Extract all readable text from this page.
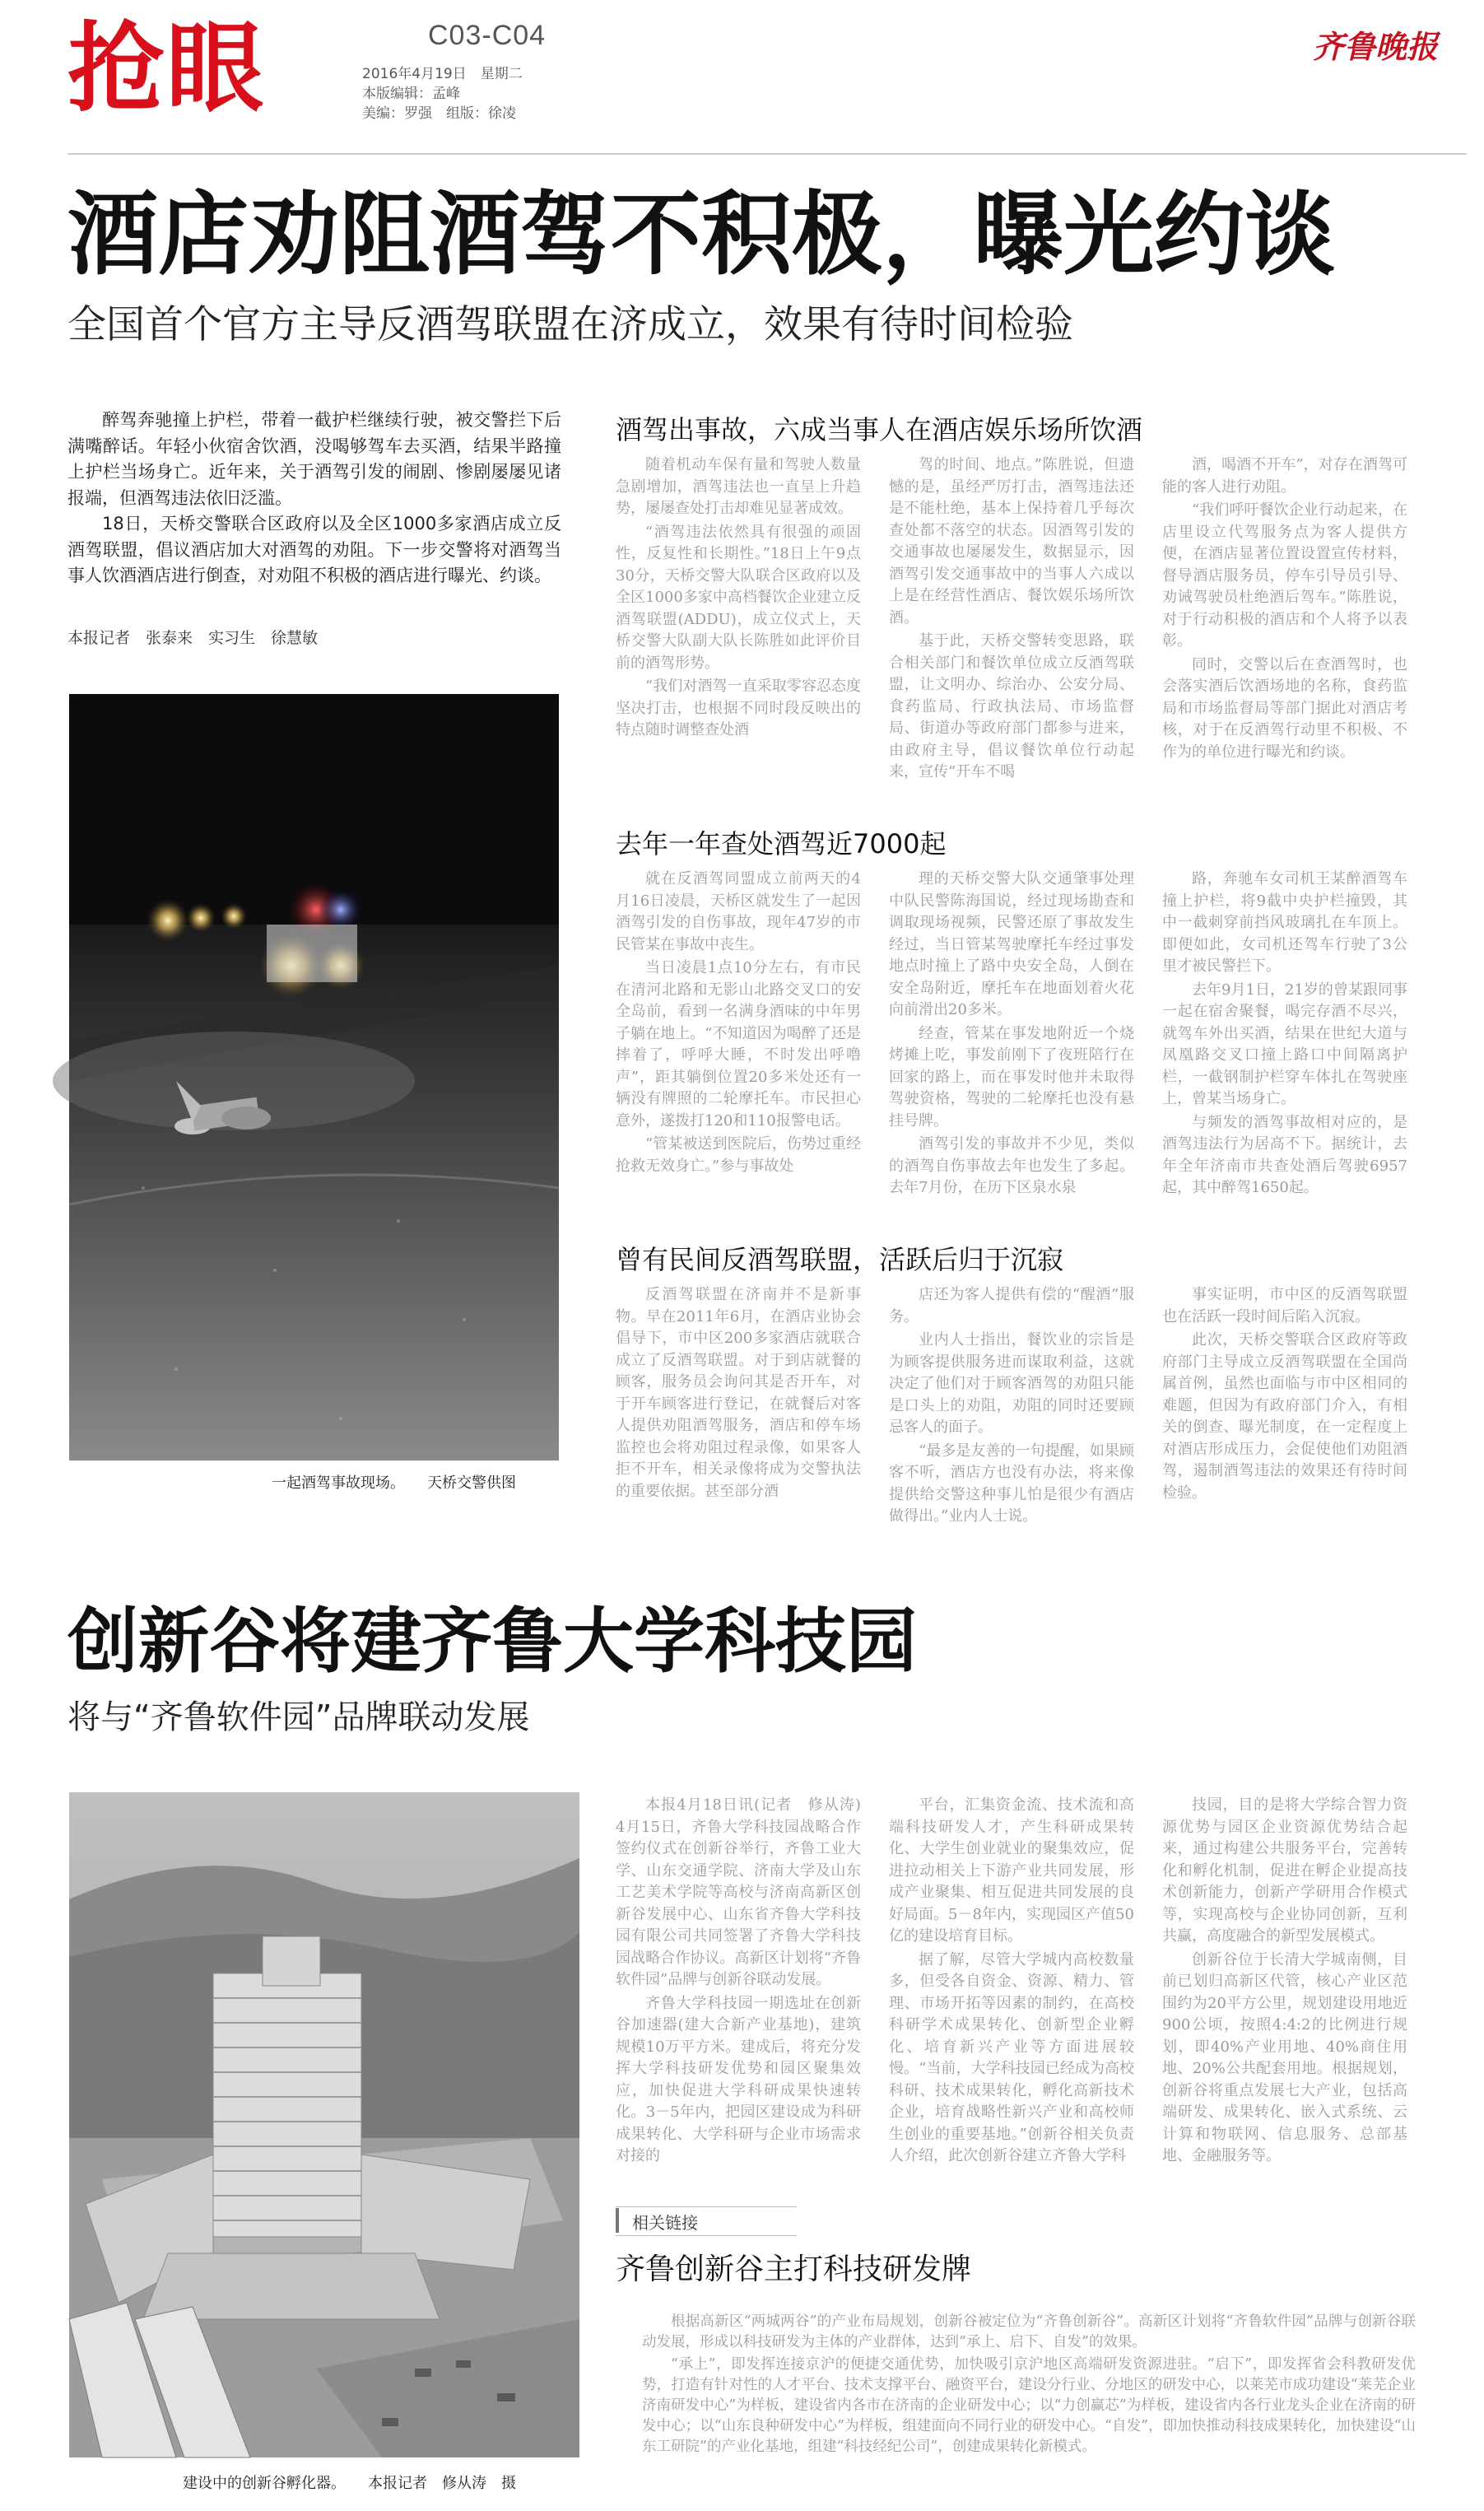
抢眼	C03-C04
2016年4月19日　星期二
本版编辑：孟峰
美编：罗强　组版：徐凌
齐鲁晚报
酒店劝阻酒驾不积极，曝光约谈
全国首个官方主导反酒驾联盟在济成立，效果有待时间检验

醉驾奔驰撞上护栏，带着一截护栏继续行驶，被交警拦下后满嘴醉话。年轻小伙宿舍饮酒，没喝够驾车去买酒，结果半路撞上护栏当场身亡。近年来，关于酒驾引发的闹剧、惨剧屡屡见诸报端，但酒驾违法依旧泛滥。

18日，天桥交警联合区政府以及全区1000多家酒店成立反酒驾联盟，倡议酒店加大对酒驾的劝阻。下一步交警将对酒驾当事人饮酒酒店进行倒查，对劝阻不积极的酒店进行曝光、约谈。

本报记者　张泰来　实习生　徐慧敏
一起酒驾事故现场。　　天桥交警供图
酒驾出事故，六成当事人在酒店娱乐场所饮酒

随着机动车保有量和驾驶人数量急剧增加，酒驾违法也一直呈上升趋势，屡屡查处打击却难见显著成效。

“酒驾违法依然具有很强的顽固性，反复性和长期性。”18日上午9点30分，天桥交警大队联合区政府以及全区1000多家中高档餐饮企业建立反酒驾联盟(ADDU)，成立仪式上，天桥交警大队副大队长陈胜如此评价目前的酒驾形势。

“我们对酒驾一直采取零容忍态度坚决打击，也根据不同时段反映出的特点随时调整查处酒

驾的时间、地点。”陈胜说，但遗憾的是，虽经严厉打击，酒驾违法还是不能杜绝，基本上保持着几乎每次查处都不落空的状态。因酒驾引发的交通事故也屡屡发生，数据显示，因酒驾引发交通事故中的当事人六成以上是在经营性酒店、餐饮娱乐场所饮酒。

基于此，天桥交警转变思路，联合相关部门和餐饮单位成立反酒驾联盟，让文明办、综治办、公安分局、食药监局、行政执法局、市场监督局、街道办等政府部门都参与进来，由政府主导，倡议餐饮单位行动起来，宣传“开车不喝

酒，喝酒不开车”，对存在酒驾可能的客人进行劝阻。

“我们呼吁餐饮企业行动起来，在店里设立代驾服务点为客人提供方便，在酒店显著位置设置宣传材料，督导酒店服务员，停车引导员引导、劝诫驾驶员杜绝酒后驾车。”陈胜说，对于行动积极的酒店和个人将予以表彰。

同时，交警以后在查酒驾时，也会落实酒后饮酒场地的名称，食药监局和市场监督局等部门据此对酒店考核，对于在反酒驾行动里不积极、不作为的单位进行曝光和约谈。

去年一年查处酒驾近7000起

就在反酒驾同盟成立前两天的4月16日凌晨，天桥区就发生了一起因酒驾引发的自伤事故，现年47岁的市民管某在事故中丧生。

当日凌晨1点10分左右，有市民在清河北路和无影山北路交叉口的安全岛前，看到一名满身酒味的中年男子躺在地上。“不知道因为喝醉了还是摔着了，呼呼大睡，不时发出呼噜声”，距其躺倒位置20多米处还有一辆没有牌照的二轮摩托车。市民担心意外，遂拨打120和110报警电话。

“管某被送到医院后，伤势过重经抢救无效身亡。”参与事故处

理的天桥交警大队交通肇事处理中队民警陈海国说，经过现场勘查和调取现场视频，民警还原了事故发生经过，当日管某驾驶摩托车经过事发地点时撞上了路中央安全岛，人倒在安全岛附近，摩托车在地面划着火花向前滑出20多米。

经查，管某在事发地附近一个烧烤摊上吃，事发前刚下了夜班陪行在回家的路上，而在事发时他并未取得驾驶资格，驾驶的二轮摩托也没有悬挂号牌。

酒驾引发的事故并不少见，类似的酒驾自伤事故去年也发生了多起。去年7月份，在历下区泉水泉

路，奔驰车女司机王某醉酒驾车撞上护栏，将9截中央护栏撞毁，其中一截刺穿前挡风玻璃扎在车顶上。即便如此，女司机还驾车行驶了3公里才被民警拦下。

去年9月1日，21岁的曾某跟同事一起在宿舍聚餐，喝完存酒不尽兴，就驾车外出买酒，结果在世纪大道与凤凰路交叉口撞上路口中间隔离护栏，一截钢制护栏穿车体扎在驾驶座上，曾某当场身亡。

与频发的酒驾事故相对应的，是酒驾违法行为居高不下。据统计，去年全年济南市共查处酒后驾驶6957起，其中醉驾1650起。

曾有民间反酒驾联盟，活跃后归于沉寂

反酒驾联盟在济南并不是新事物。早在2011年6月，在酒店业协会倡导下，市中区200多家酒店就联合成立了反酒驾联盟。对于到店就餐的顾客，服务员会询问其是否开车，对于开车顾客进行登记，在就餐后对客人提供劝阻酒驾服务，酒店和停车场监控也会将劝阻过程录像，如果客人拒不开车，相关录像将成为交警执法的重要依据。甚至部分酒

店还为客人提供有偿的“醒酒”服务。

业内人士指出，餐饮业的宗旨是为顾客提供服务进而谋取利益，这就决定了他们对于顾客酒驾的劝阻只能是口头上的劝阻，劝阻的同时还要顾忌客人的面子。

“最多是友善的一句提醒，如果顾客不听，酒店方也没有办法，将来像提供给交警这种事儿怕是很少有酒店做得出。”业内人士说。

事实证明，市中区的反酒驾联盟也在活跃一段时间后陷入沉寂。

此次，天桥交警联合区政府等政府部门主导成立反酒驾联盟在全国尚属首例，虽然也面临与市中区相同的难题，但因为有政府部门介入，有相关的倒查、曝光制度，在一定程度上对酒店形成压力，会促使他们劝阻酒驾，遏制酒驾违法的效果还有待时间检验。

创新谷将建齐鲁大学科技园
将与“齐鲁软件园”品牌联动发展
建设中的创新谷孵化器。　　本报记者　修从涛　摄

本报4月18日讯(记者　修从涛)　4月15日，齐鲁大学科技园战略合作签约仪式在创新谷举行，齐鲁工业大学、山东交通学院、济南大学及山东工艺美术学院等高校与济南高新区创新谷发展中心、山东省齐鲁大学科技园有限公司共同签署了齐鲁大学科技园战略合作协议。高新区计划将“齐鲁软件园”品牌与创新谷联动发展。

齐鲁大学科技园一期选址在创新谷加速器(建大合新产业基地)，建筑规模10万平方米。建成后，将充分发挥大学科技研发优势和园区聚集效应，加快促进大学科研成果快速转化。3－5年内，把园区建设成为科研成果转化、大学科研与企业市场需求对接的

平台，汇集资金流、技术流和高端科技研发人才，产生科研成果转化、大学生创业就业的聚集效应，促进拉动相关上下游产业共同发展，形成产业聚集、相互促进共同发展的良好局面。5－8年内，实现园区产值50亿的建设培育目标。

据了解，尽管大学城内高校数量多，但受各自资金、资源、精力、管理、市场开拓等因素的制约，在高校科研学术成果转化、创新型企业孵化、培育新兴产业等方面进展较慢。“当前，大学科技园已经成为高校科研、技术成果转化，孵化高新技术企业，培育战略性新兴产业和高校师生创业的重要基地。”创新谷相关负责人介绍，此次创新谷建立齐鲁大学科

技园，目的是将大学综合智力资源优势与园区企业资源优势结合起来，通过构建公共服务平台，完善转化和孵化机制，促进在孵企业提高技术创新能力，创新产学研用合作模式等，实现高校与企业协同创新，互利共赢，高度融合的新型发展模式。

创新谷位于长清大学城南侧，目前已划归高新区代管，核心产业区范围约为20平方公里，规划建设用地近900公顷，按照4:4:2的比例进行规划，即40%产业用地、40%商住用地、20%公共配套用地。根据规划，创新谷将重点发展七大产业，包括高端研发、成果转化、嵌入式系统、云计算和物联网、信息服务、总部基地、金融服务等。

相关链接
齐鲁创新谷主打科技研发牌

根据高新区“两城两谷”的产业布局规划，创新谷被定位为“齐鲁创新谷”。高新区计划将“齐鲁软件园”品牌与创新谷联动发展，形成以科技研发为主体的产业群体，达到“承上、启下、自发”的效果。

“承上”，即发挥连接京沪的便捷交通优势，加快吸引京沪地区高端研发资源进驻。“启下”，即发挥省会科教研发优势，打造有针对性的人才平台、技术支撑平台、融资平台，建设分行业、分地区的研发中心，以莱芜市成功建设“莱芜企业济南研发中心”为样板，建设省内各市在济南的企业研发中心；以“力创赢芯”为样板，建设省内各行业龙头企业在济南的研发中心；以“山东良种研发中心”为样板，组建面向不同行业的研发中心。“自发”，即加快推动科技成果转化，加快建设“山东工研院”的产业化基地，组建“科技经纪公司”，创建成果转化新模式。
